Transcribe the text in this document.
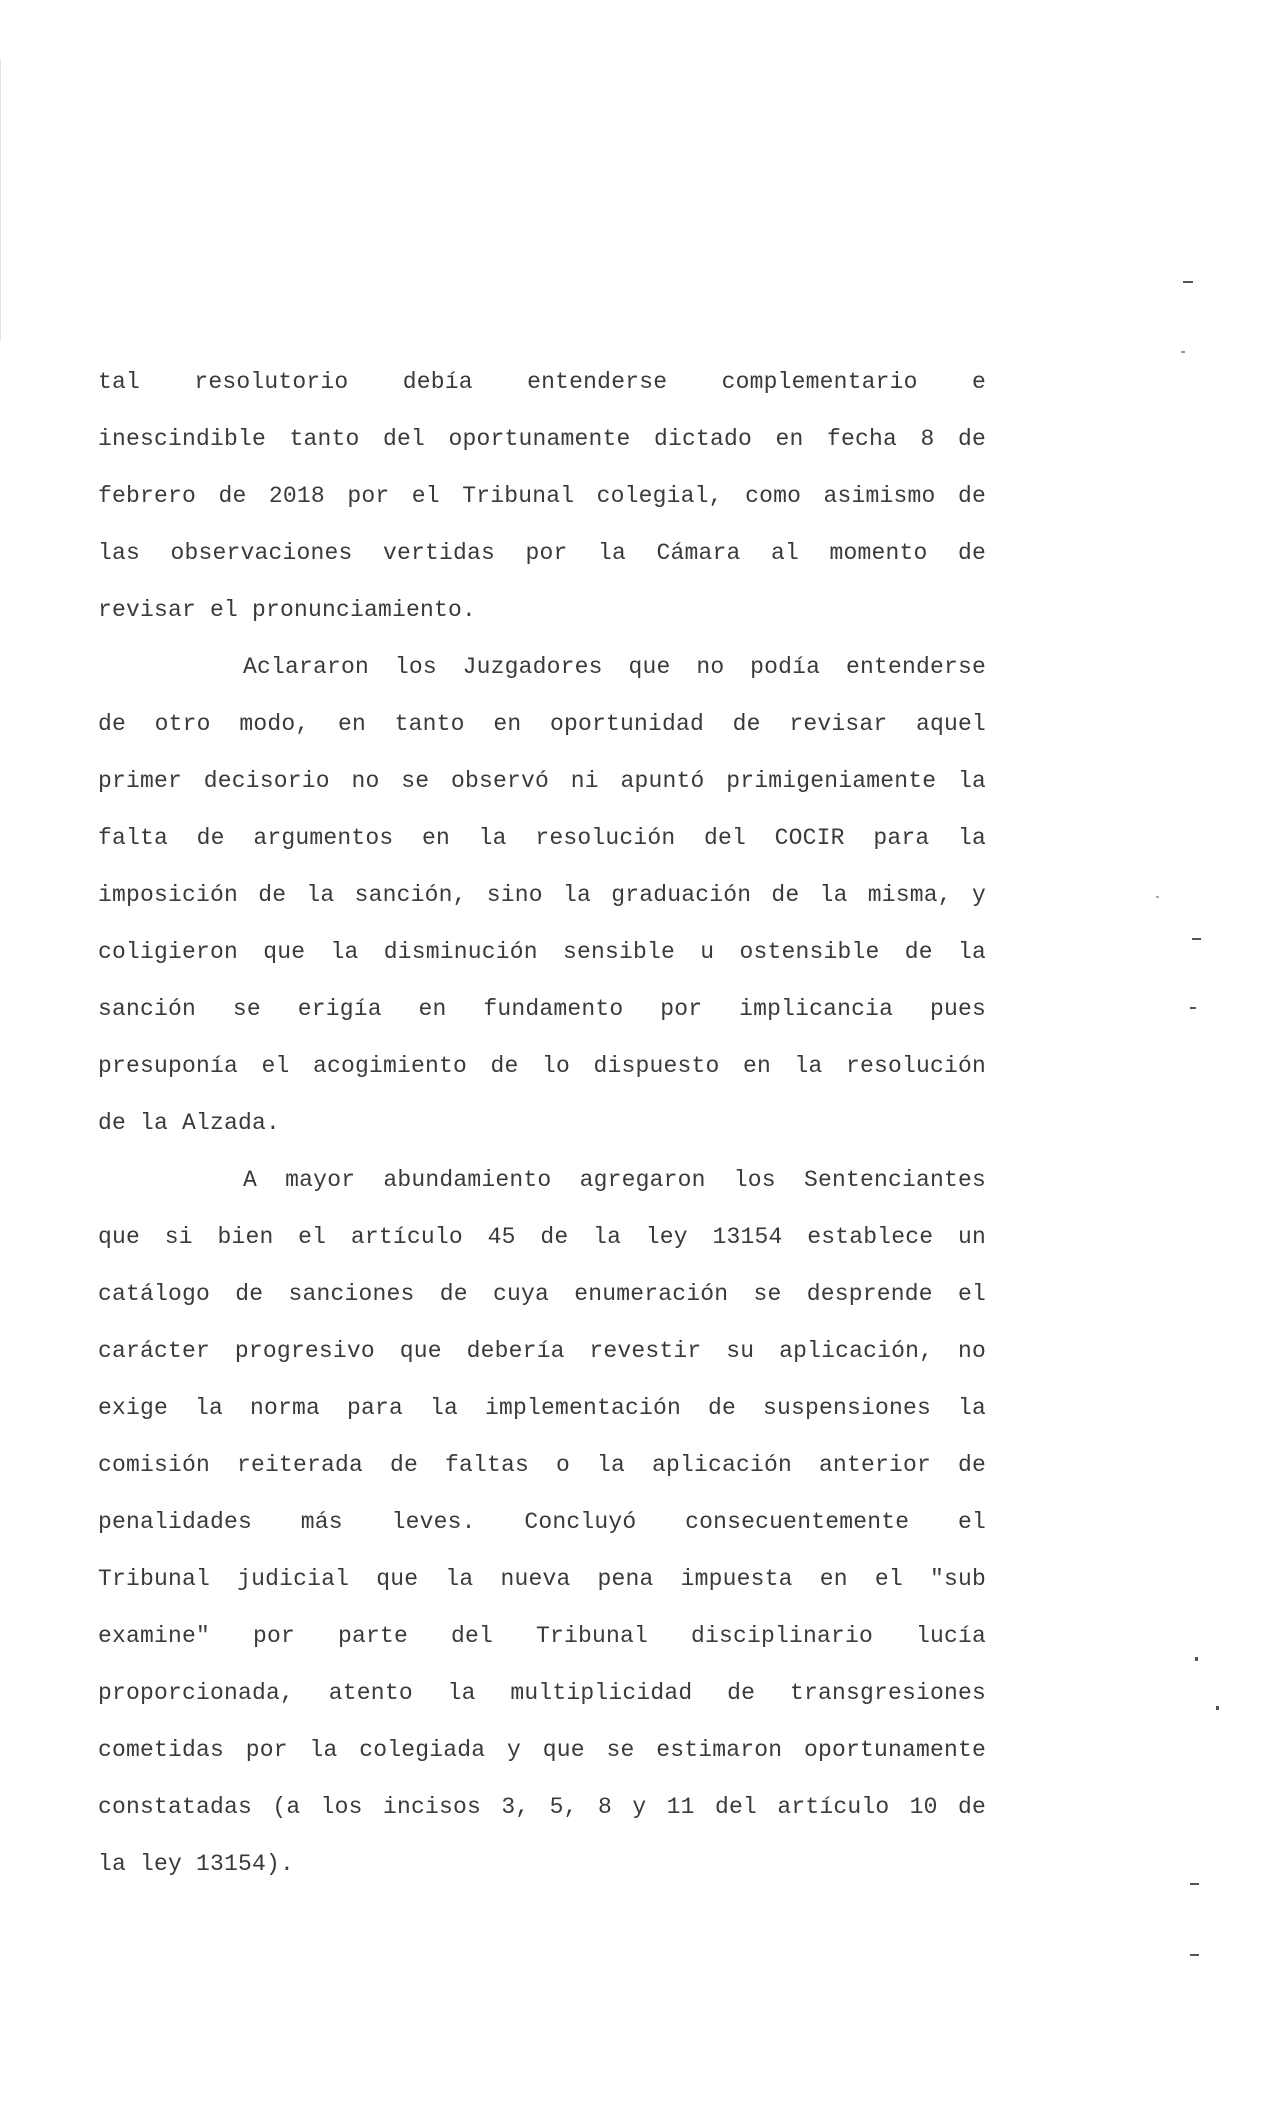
tal resolutorio debía entenderse complementario e
inescindible tanto del oportunamente dictado en fecha 8 de
febrero de 2018 por el Tribunal colegial, como asimismo de
las observaciones vertidas por la Cámara al momento de
revisar el pronunciamiento.
Aclararon los Juzgadores que no podía entenderse
de otro modo, en tanto en oportunidad de revisar aquel
primer decisorio no se observó ni apuntó primigeniamente la
falta de argumentos en la resolución del COCIR para la
imposición de la sanción, sino la graduación de la misma, y
coligieron que la disminución sensible u ostensible de la
sanción se erigía en fundamento por implicancia pues
presuponía el acogimiento de lo dispuesto en la resolución
de la Alzada.
A mayor abundamiento agregaron los Sentenciantes
que si bien el artículo 45 de la ley 13154 establece un
catálogo de sanciones de cuya enumeración se desprende el
carácter progresivo que debería revestir su aplicación, no
exige la norma para la implementación de suspensiones la
comisión reiterada de faltas o la aplicación anterior de
penalidades más leves. Concluyó consecuentemente el
Tribunal judicial que la nueva pena impuesta en el "sub
examine" por parte del Tribunal disciplinario lucía
proporcionada, atento la multiplicidad de transgresiones
cometidas por la colegiada y que se estimaron oportunamente
constatadas (a los incisos 3, 5, 8 y 11 del artículo 10 de
la ley 13154).
